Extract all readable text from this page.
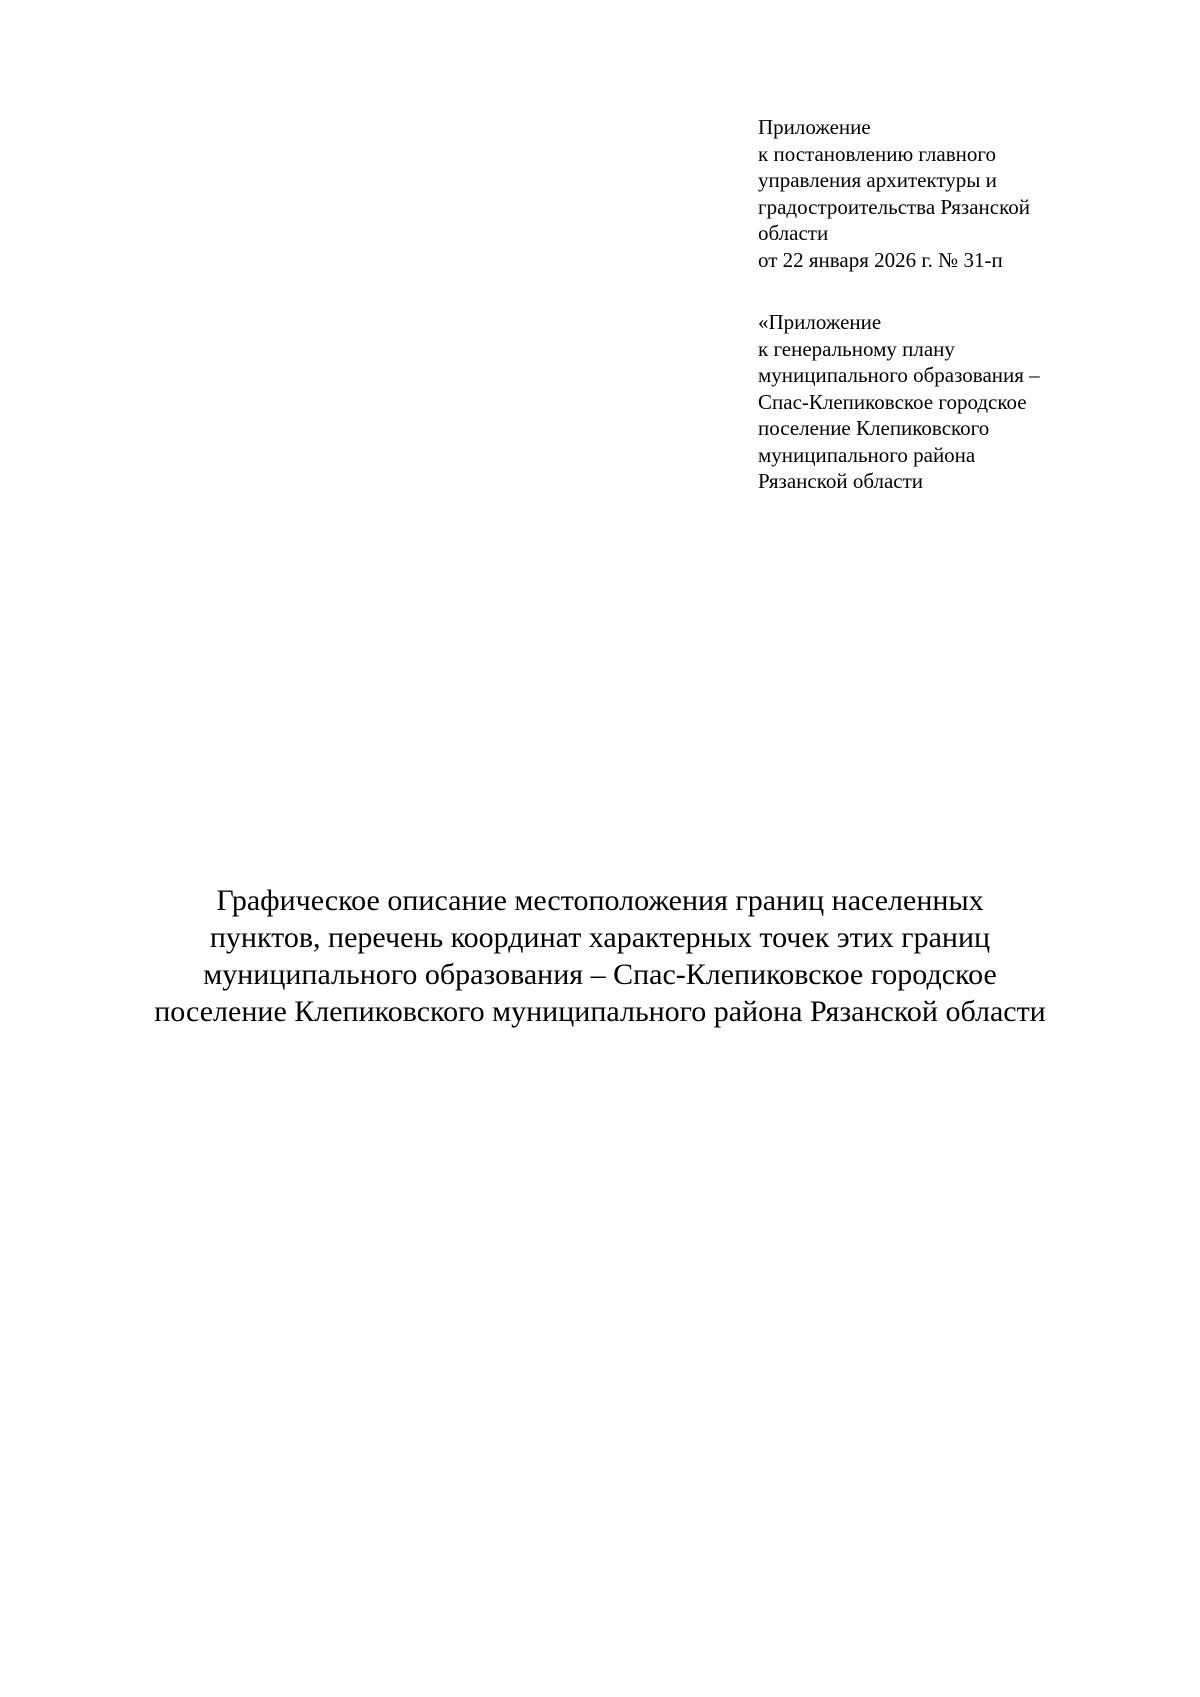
Приложение
к постановлению главного
управления архитектуры и
градостроительства Рязанской
области
от 22 января 2026 г. № 31-п
«Приложение
к генеральному плану
муниципального образования –
Спас-Клепиковское городское
поселение Клепиковского
муниципального района
Рязанской области
Графическое описание местоположения границ населенных
пунктов, перечень координат характерных точек этих границ
муниципального образования – Спас-Клепиковское городское
поселение Клепиковского муниципального района Рязанской области
